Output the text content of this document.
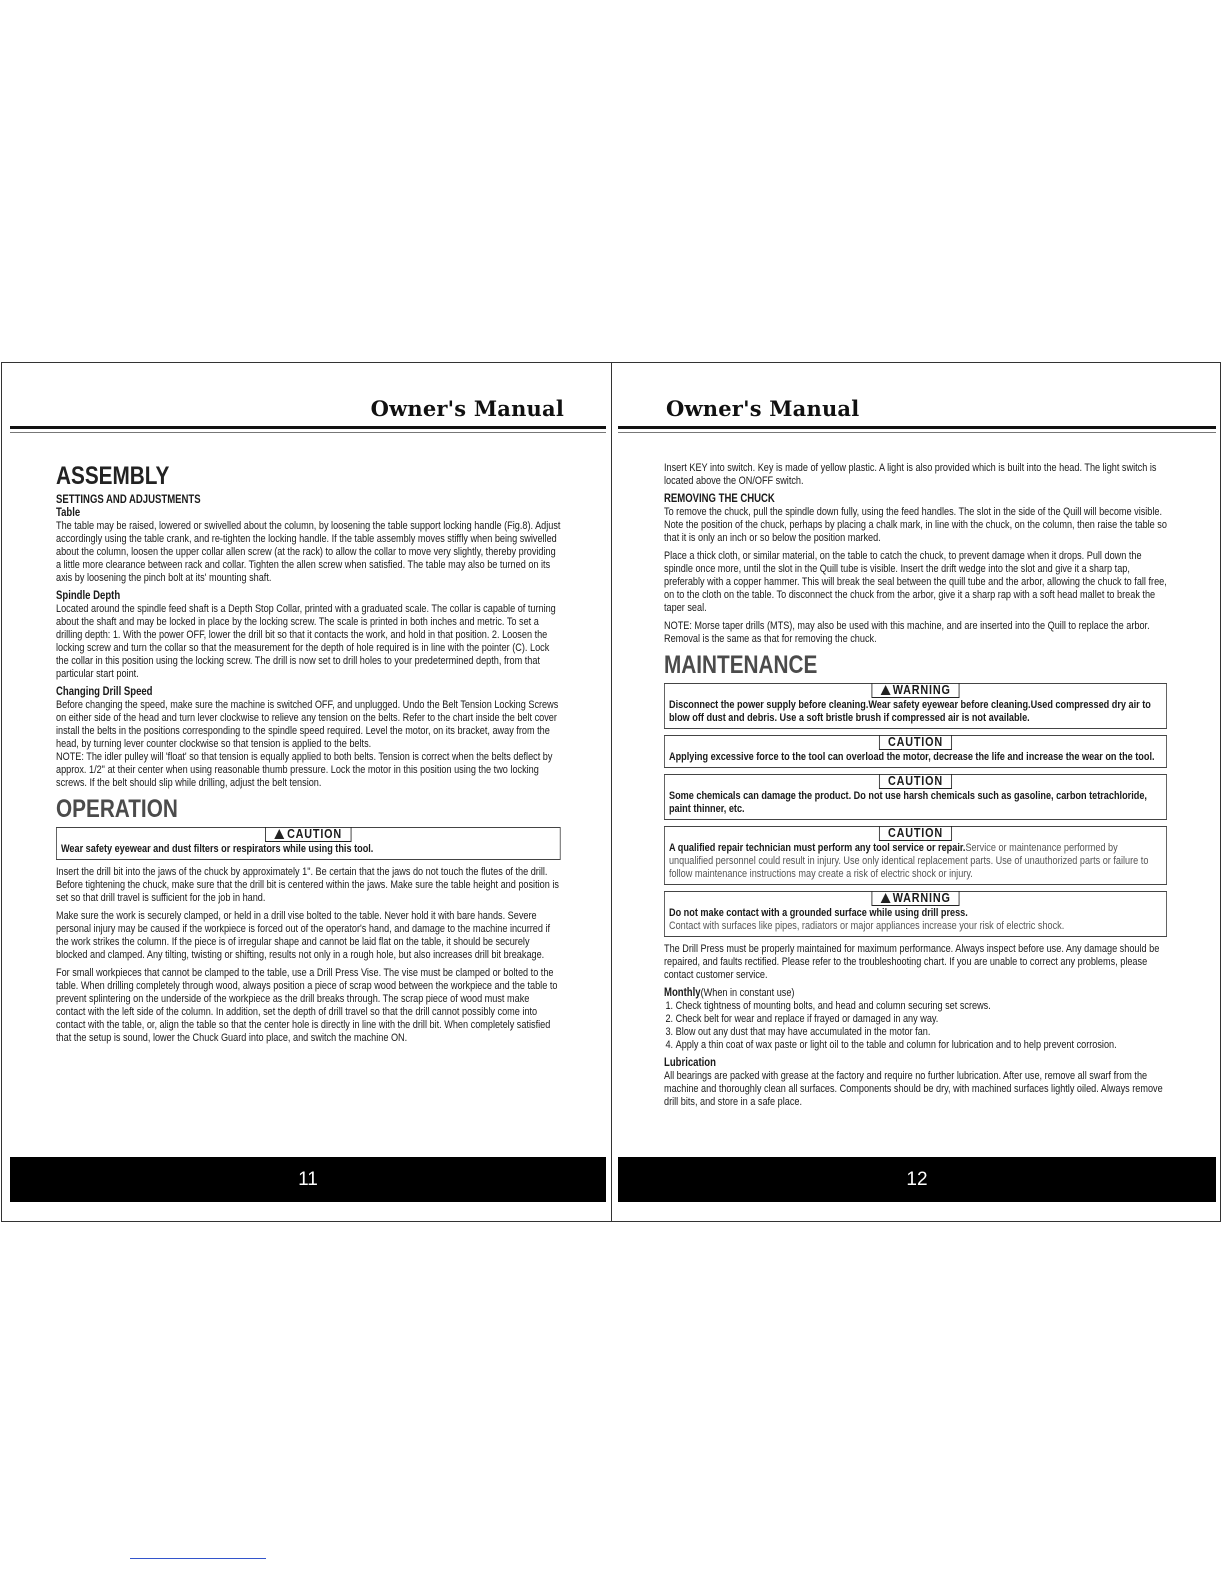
Owner's Manual
ASSEMBLY
SETTINGS AND ADJUSTMENTS
Table

The table may be raised, lowered or swivelled about the column, by loosening the table support locking handle (Fig.8). Adjust accordingly using the table crank, and re-tighten the locking handle. If the table assembly moves stiffly when being swivelled about the column, loosen the upper collar allen screw (at the rack) to allow the collar to move very slightly, thereby providing a little more clearance between rack and collar. Tighten the allen screw when satisfied. The table may also be turned on its axis by loosening the pinch bolt at its' mounting shaft.

Spindle Depth

Located around the spindle feed shaft is a Depth Stop Collar, printed with a graduated scale. The collar is capable of turning about the shaft and may be locked in place by the locking screw. The scale is printed in both inches and metric. To set a drilling depth: 1. With the power OFF, lower the drill bit so that it contacts the work, and hold in that position. 2. Loosen the locking screw and turn the collar so that the measurement for the depth of hole required is in line with the pointer (C). Lock the collar in this position using the locking screw. The drill is now set to drill holes to your predetermined depth, from that particular start point.

Changing Drill Speed

Before changing the speed, make sure the machine is switched OFF, and unplugged. Undo the Belt Tension Locking Screws on either side of the head and turn lever clockwise to relieve any tension on the belts. Refer to the chart inside the belt cover install the belts in the positions corresponding to the spindle speed required. Level the motor, on its bracket, away from the head, by turning lever counter clockwise so that tension is applied to the belts.

NOTE: The idler pulley will 'float' so that tension is equally applied to both belts. Tension is correct when the belts deflect by approx. 1/2" at their center when using reasonable thumb pressure. Lock the motor in this position using the two locking screws. If the belt should slip while drilling, adjust the belt tension.

OPERATION
CAUTION
Wear safety eyewear and dust filters or respirators while using this tool.

Insert the drill bit into the jaws of the chuck by approximately 1". Be certain that the jaws do not touch the flutes of the drill. Before tightening the chuck, make sure that the drill bit is centered within the jaws. Make sure the table height and position is set so that drill travel is sufficient for the job in hand.

Make sure the work is securely clamped, or held in a drill vise bolted to the table. Never hold it with bare hands. Severe personal injury may be caused if the workpiece is forced out of the operator's hand, and damage to the machine incurred if the work strikes the column. If the piece is of irregular shape and cannot be laid flat on the table, it should be securely blocked and clamped. Any tilting, twisting or shifting, results not only in a rough hole, but also increases drill bit breakage.

For small workpieces that cannot be clamped to the table, use a Drill Press Vise. The vise must be clamped or bolted to the table. When drilling completely through wood, always position a piece of scrap wood between the workpiece and the table to prevent splintering on the underside of the workpiece as the drill breaks through. The scrap piece of wood must make contact with the left side of the column. In addition, set the depth of drill travel so that the drill cannot possibly come into contact with the table, or, align the table so that the center hole is directly in line with the drill bit. When completely satisfied that the setup is sound, lower the Chuck Guard into place, and switch the machine ON.

11
Owner's Manual

Insert KEY into switch. Key is made of yellow plastic. A light is also provided which is built into the head. The light switch is located above the ON/OFF switch.

REMOVING THE CHUCK

To remove the chuck, pull the spindle down fully, using the feed handles. The slot in the side of the Quill will become visible. Note the position of the chuck, perhaps by placing a chalk mark, in line with the chuck, on the column, then raise the table so that it is only an inch or so below the position marked.

Place a thick cloth, or similar material, on the table to catch the chuck, to prevent damage when it drops. Pull down the spindle once more, until the slot in the Quill tube is visible. Insert the drift wedge into the slot and give it a sharp tap, preferably with a copper hammer. This will break the seal between the quill tube and the arbor, allowing the chuck to fall free, on to the cloth on the table. To disconnect the chuck from the arbor, give it a sharp rap with a soft head mallet to break the taper seal.

NOTE: Morse taper drills (MTS), may also be used with this machine, and are inserted into the Quill to replace the arbor. Removal is the same as that for removing the chuck.

MAINTENANCE
WARNING
Disconnect the power supply before cleaning.Wear safety eyewear before cleaning.Used compressed dry air to blow off dust and debris. Use a soft bristle brush if compressed air is not available.
CAUTION
Applying excessive force to the tool can overload the motor, decrease the life and increase the wear on the tool.
CAUTION
Some chemicals can damage the product. Do not use harsh chemicals such as gasoline, carbon tetrachloride, paint thinner, etc.
CAUTION
A qualified repair technician must perform any tool service or repair.Service or maintenance performed by unqualified personnel could result in injury. Use only identical replacement parts. Use of unauthorized parts or failure to follow maintenance instructions may create a risk of electric shock or injury.
WARNING
Do not make contact with a grounded surface while using drill press.
Contact with surfaces like pipes, radiators or major appliances increase your risk of electric shock.

The Drill Press must be properly maintained for maximum performance. Always inspect before use. Any damage should be repaired, and faults rectified. Please refer to the troubleshooting chart. If you are unable to correct any problems, please contact customer service.

Monthly(When in constant use)
1. Check tightness of mounting bolts, and head and column securing set screws.
2. Check belt for wear and replace if frayed or damaged in any way.
3. Blow out any dust that may have accumulated in the motor fan.
4. Apply a thin coat of wax paste or light oil to the table and column for lubrication and to help prevent corrosion.
Lubrication

All bearings are packed with grease at the factory and require no further lubrication. After use, remove all swarf from the machine and thoroughly clean all surfaces. Components should be dry, with machined surfaces lightly oiled. Always remove drill bits, and store in a safe place.

12
